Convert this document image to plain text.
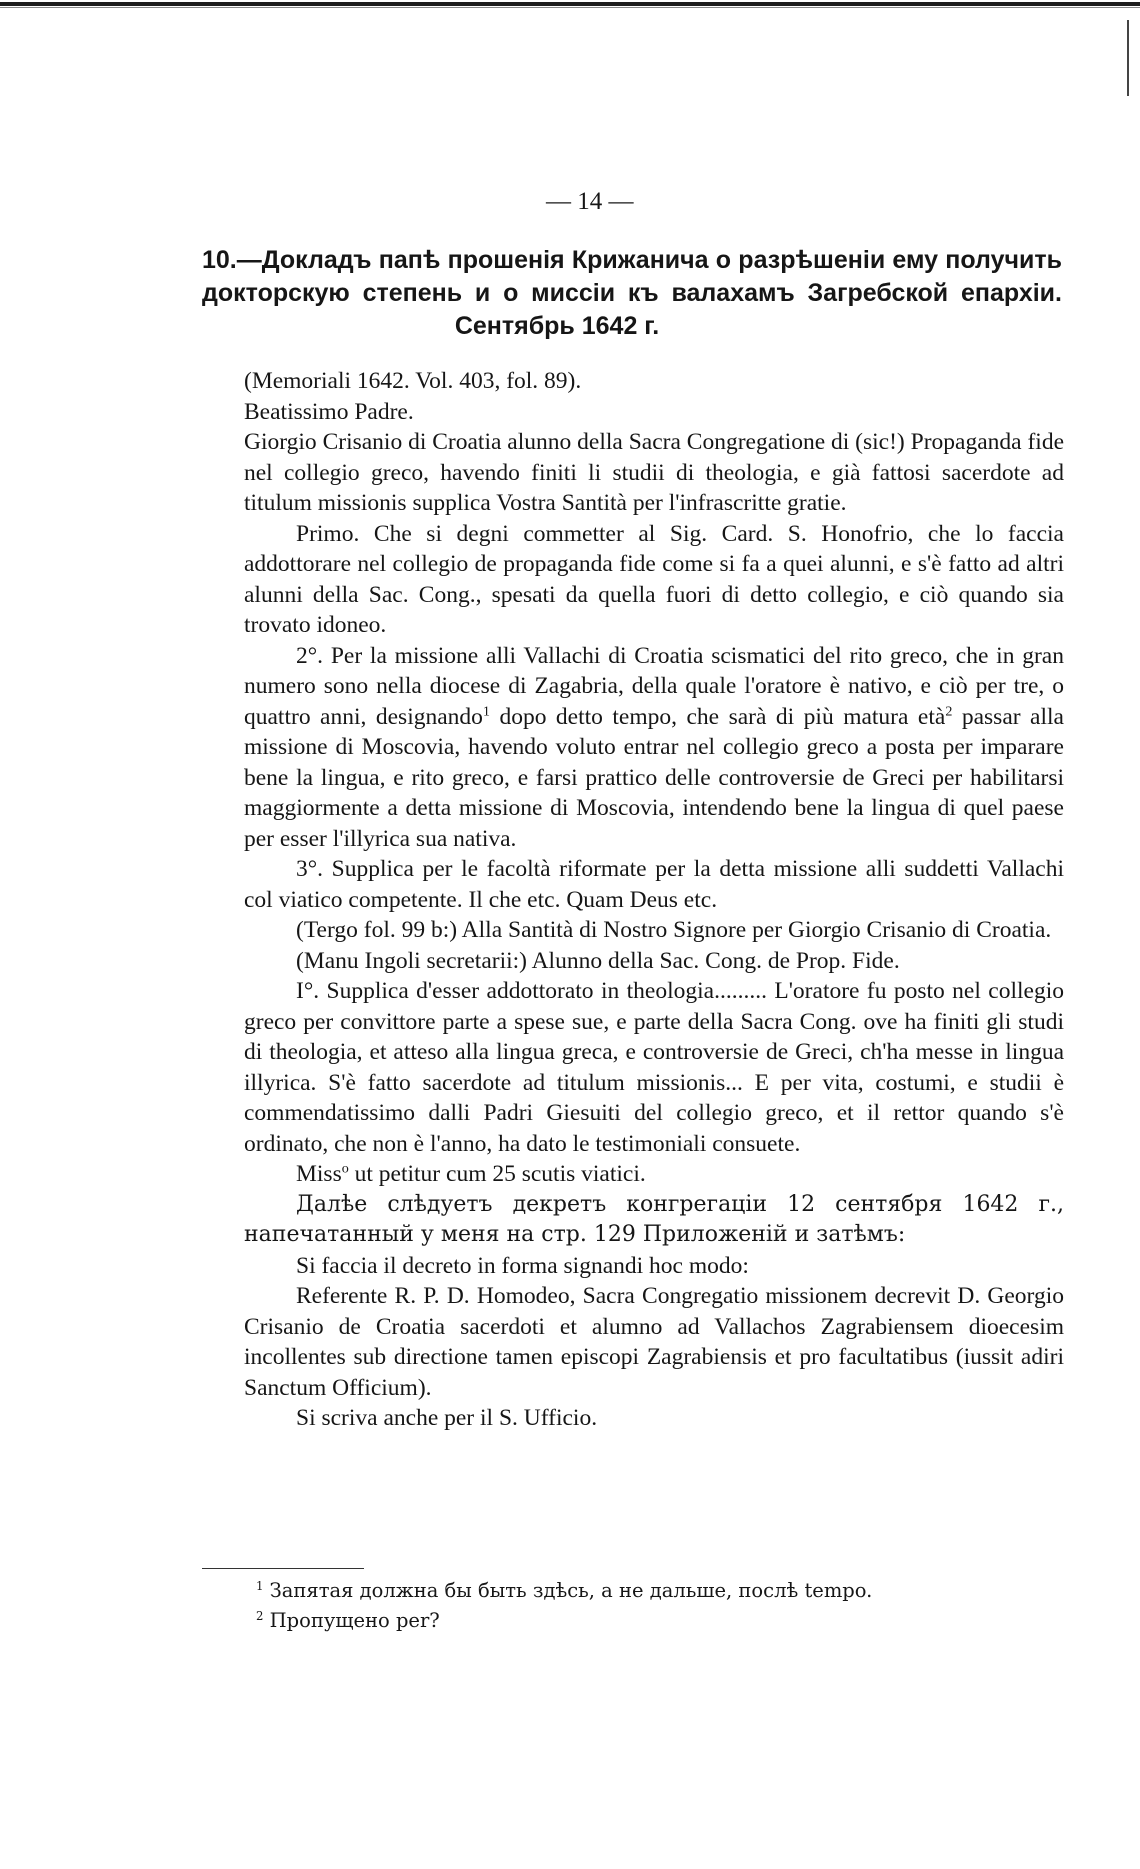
— 14 —
10.—Докладъ папѣ прошенія Крижанича о разрѣшеніи ему получить докторскую степень и о миссіи къ валахамъ Загребской епархіи.
Сентябрь 1642 г.

(Memoriali 1642. Vol. 403, fol. 89).

Beatissimo Padre.

Giorgio Crisanio di Croatia alunno della Sacra Congregatione di (sic!) Propaganda fide nel collegio greco, havendo finiti li studii di theologia, e già fattosi sacerdote ad titulum missionis supplica Vostra Santità per l'infrascritte gratie.

Primo. Che si degni commetter al Sig. Card. S. Honofrio, che lo faccia addottorare nel collegio de propaganda fide come si fa a quei alunni, e s'è fatto ad altri alunni della Sac. Cong., spesati da quella fuori di detto collegio, e ciò quando sia trovato idoneo.

2°. Per la missione alli Vallachi di Croatia scismatici del rito greco, che in gran numero sono nella diocese di Zagabria, della quale l'oratore è nativo, e ciò per tre, o quattro anni, designando$^1$ dopo detto tempo, che sarà di più matura età$^2$ passar alla missione di Moscovia, havendo voluto entrar nel collegio greco a posta per imparare bene la lingua, e rito greco, e farsi prattico delle controversie de Greci per habilitarsi maggiormente a detta missione di Moscovia, intendendo bene la lingua di quel paese per esser l'illyrica sua nativa.

3°. Supplica per le facoltà riformate per la detta missione alli suddetti Vallachi col viatico competente. Il che etc. Quam Deus etc.

(Tergo fol. 99 b:) Alla Santità di Nostro Signore per Giorgio Crisanio di Croatia.

(Manu Ingoli secretarii:) Alunno della Sac. Cong. de Prop. Fide.

I°. Supplica d'esser addottorato in theologia......... L'oratore fu posto nel collegio greco per convittore parte a spese sue, e parte della Sacra Cong. ove ha finiti gli studi di theologia, et atteso alla lingua greca, e controversie de Greci, ch'ha messe in lingua illyrica. S'è fatto sacerdote ad titulum missionis... E per vita, costumi, e studii è commendatissimo dalli Padri Giesuiti del collegio greco, et il rettor quando s'è ordinato, che non è l'anno, ha dato le testimoniali consuete.

Miss$^o$ ut petitur cum 25 scutis viatici.

Далѣе слѣдуетъ декретъ конгрегаціи 12 сентября 1642 г., напечатанный у меня на стр. 129 Приложеній и затѣмъ:

Si faccia il decreto in forma signandi hoc modo:

Referente R. P. D. Homodeo, Sacra Congregatio missionem decrevit D. Georgio Crisanio de Croatia sacerdoti et alumno ad Vallachos Zagrabiensem dioecesim incollentes sub directione tamen episcopi Zagrabiensis et pro facultatibus (iussit adiri Sanctum Officium).

Si scriva anche per il S. Ufficio.

$^1$ Запятая должна бы быть здѣсь, а не дальше, послѣ tempo.

$^2$ Пропущено per?
